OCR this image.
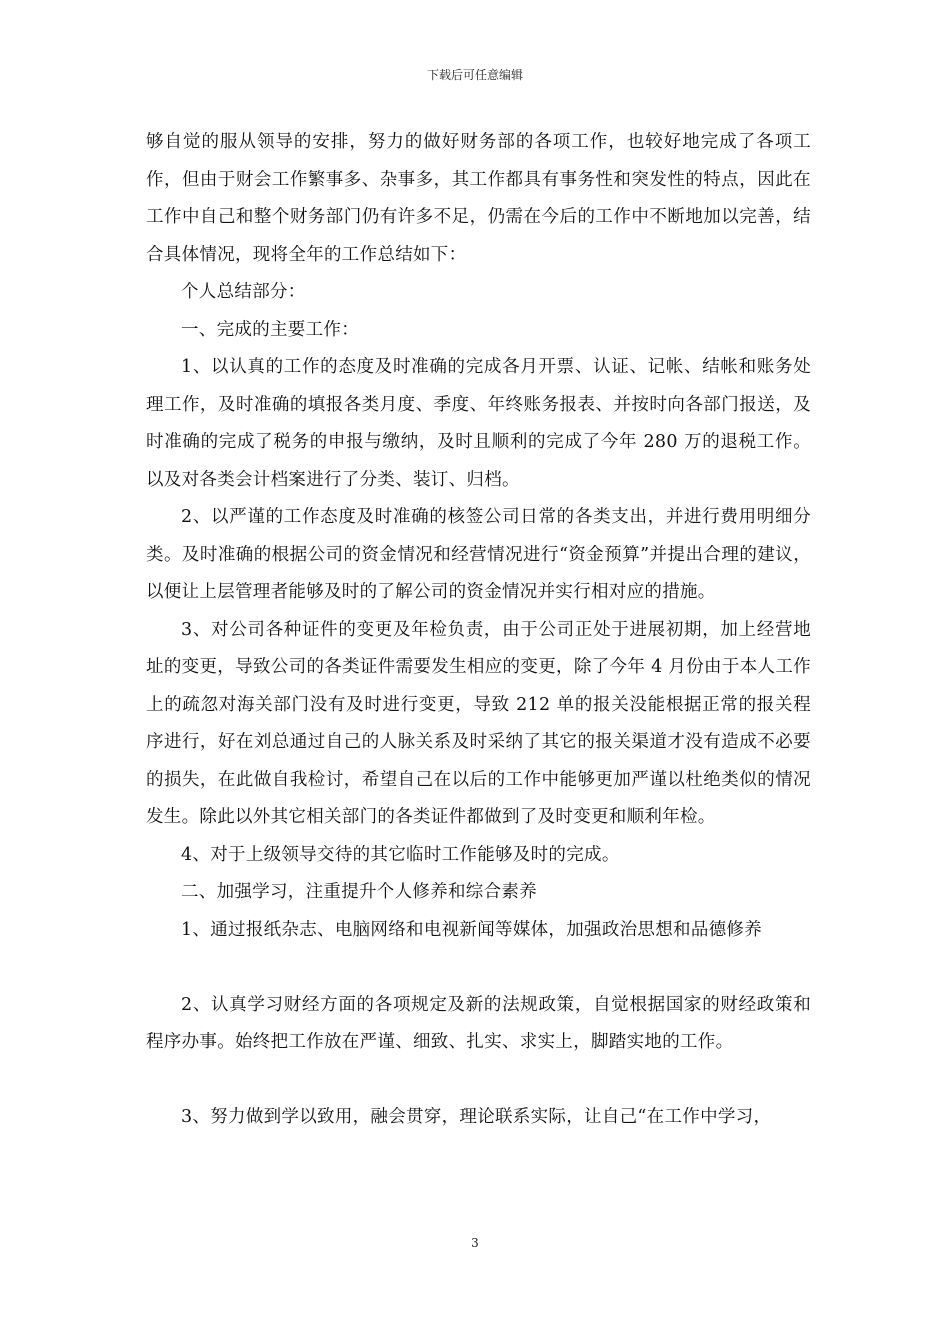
下载后可任意编辑

够自觉的服从领导的安排，努力的做好财务部的各项工作，也较好地完成了各项工作，但由于财会工作繁事多、杂事多，其工作都具有事务性和突发性的特点，因此在工作中自己和整个财务部门仍有许多不足，仍需在今后的工作中不断地加以完善，结合具体情况，现将全年的工作总结如下：

个人总结部分：

一、完成的主要工作：

1、以认真的工作的态度及时准确的完成各月开票、认证、记帐、结帐和账务处理工作，及时准确的填报各类月度、季度、年终账务报表、并按时向各部门报送，及时准确的完成了税务的申报与缴纳，及时且顺利的完成了今年 280 万的退税工作。以及对各类会计档案进行了分类、装订、归档。

2、以严谨的工作态度及时准确的核签公司日常的各类支出，并进行费用明细分类。及时准确的根据公司的资金情况和经营情况进行“资金预算”并提出合理的建议，以便让上层管理者能够及时的了解公司的资金情况并实行相对应的措施。

3、对公司各种证件的变更及年检负责，由于公司正处于进展初期，加上经营地址的变更，导致公司的各类证件需要发生相应的变更，除了今年 4 月份由于本人工作上的疏忽对海关部门没有及时进行变更，导致 212 单的报关没能根据正常的报关程序进行，好在刘总通过自己的人脉关系及时采纳了其它的报关渠道才没有造成不必要的损失，在此做自我检讨，希望自己在以后的工作中能够更加严谨以杜绝类似的情况发生。除此以外其它相关部门的各类证件都做到了及时变更和顺利年检。

4、对于上级领导交待的其它临时工作能够及时的完成。

二、加强学习，注重提升个人修养和综合素养

1、通过报纸杂志、电脑网络和电视新闻等媒体，加强政治思想和品德修养

2、认真学习财经方面的各项规定及新的法规政策，自觉根据国家的财经政策和程序办事。始终把工作放在严谨、细致、扎实、求实上，脚踏实地的工作。

3、努力做到学以致用，融会贯穿，理论联系实际，让自己“在工作中学习，

3
